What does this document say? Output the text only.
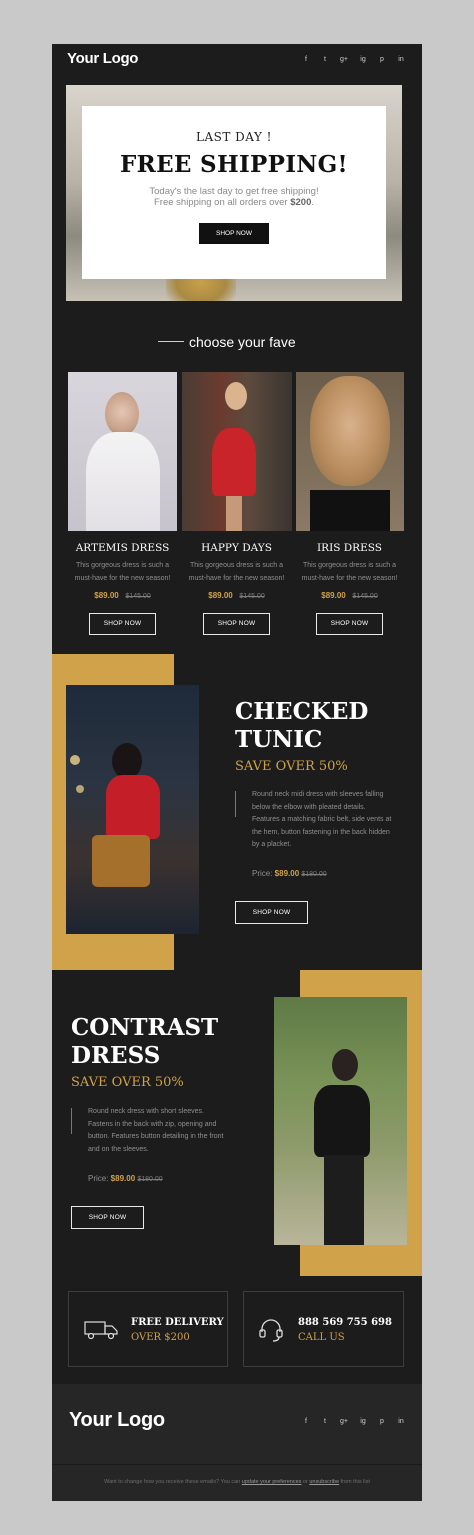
Your Logo	f	t	g+	ig	p	in
LAST DAY !
FREE SHIPPING!
Today's the last day to get free shipping!
Free shipping on all orders over $200.
SHOP NOW
choose your fave
ARTEMIS DRESS
This gorgeous dress is such a
must-have for the new season!
$89.00 $145.00
SHOP NOW
HAPPY DAYS
This gorgeous dress is such a
must-have for the new season!
$89.00 $145.00
SHOP NOW
IRIS DRESS
This gorgeous dress is such a
must-have for the new season!
$89.00 $145.00
SHOP NOW
CHECKED
TUNIC
SAVE OVER 50%
Round neck midi dress with sleeves falling
below the elbow with pleated details.
Features a matching fabric belt, side vents at
the hem, button fastening in the back hidden
by a placket.
Price: $89.00 $180.00
SHOP NOW
CONTRAST
DRESS
SAVE OVER 50%
Round neck dress with short sleeves.
Fastens in the back with zip, opening and
button. Features button detailing in the front
and on the sleeves.
Price: $89.00 $180.00
SHOP NOW
FREE DELIVERY
OVER $200
888 569 755 698
CALL US
Your Logo	f	t	g+	ig	p	in
Want to change how you receive these emails? You can update your preferences or unsubscribe from this list
